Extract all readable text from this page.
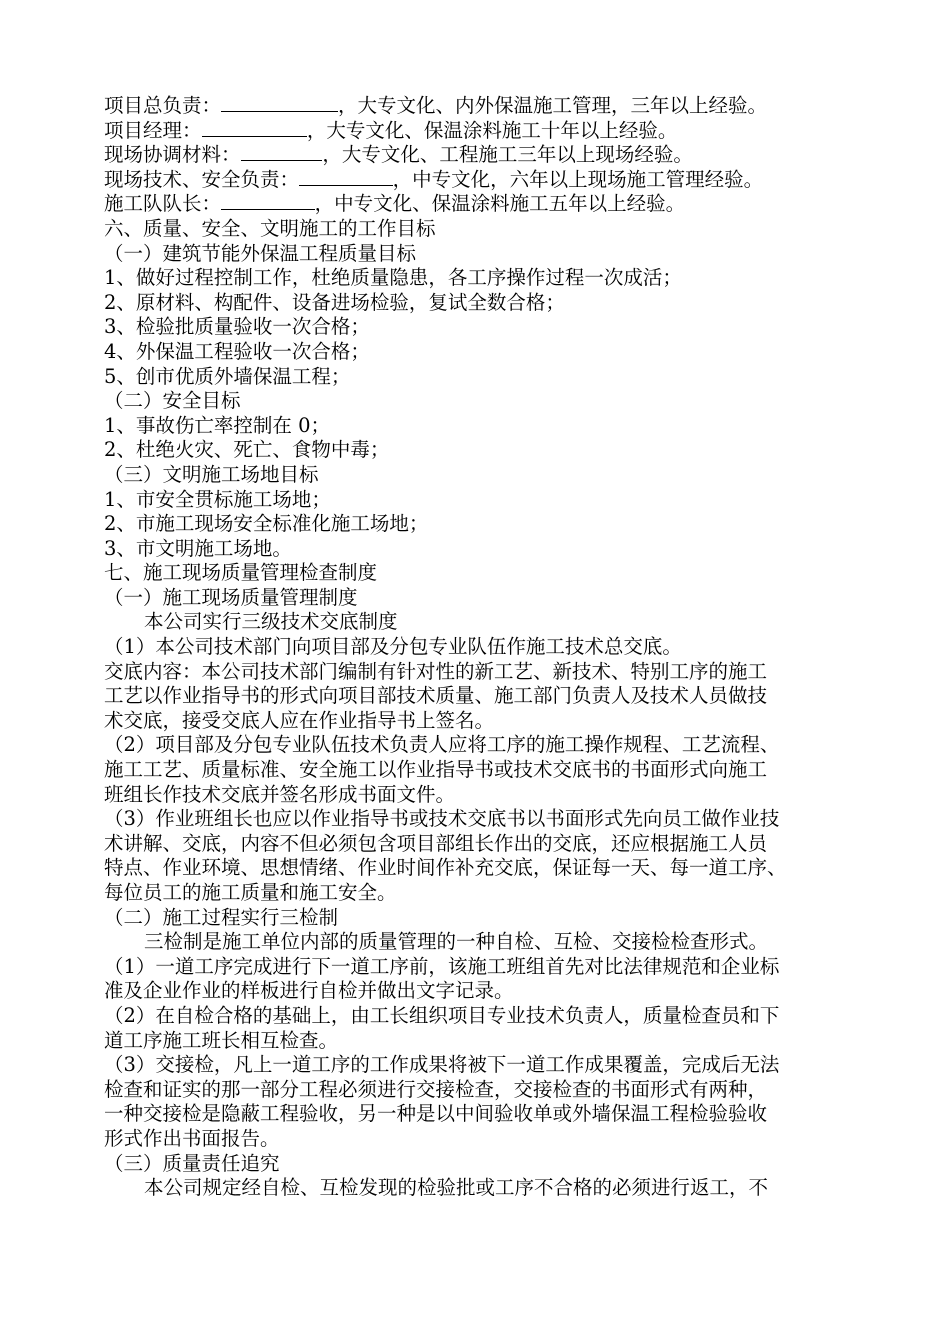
项目总负责：	，大专文化、内外保温施工管理，三年以上经验。
项目经理：	，大专文化、保温涂料施工十年以上经验。
现场协调材料：	，大专文化、工程施工三年以上现场经验。
现场技术、安全负责：	，中专文化，六年以上现场施工管理经验。
施工队队长：	，中专文化、保温涂料施工五年以上经验。
六、质量、安全、文明施工的工作目标
（一）建筑节能外保温工程质量目标
1、做好过程控制工作，杜绝质量隐患，各工序操作过程一次成活；
2、原材料、构配件、设备进场检验，复试全数合格；
3、检验批质量验收一次合格；
4、外保温工程验收一次合格；
5、创市优质外墙保温工程；
（二）安全目标
1、事故伤亡率控制在 0；
2、杜绝火灾、死亡、食物中毒；
（三）文明施工场地目标
1、市安全贯标施工场地；
2、市施工现场安全标准化施工场地；
3、市文明施工场地。
七、施工现场质量管理检查制度
（一）施工现场质量管理制度
本公司实行三级技术交底制度
（1）本公司技术部门向项目部及分包专业队伍作施工技术总交底。
交底内容：本公司技术部门编制有针对性的新工艺、新技术、特别工序的施工
工艺以作业指导书的形式向项目部技术质量、施工部门负责人及技术人员做技
术交底，接受交底人应在作业指导书上签名。
（2）项目部及分包专业队伍技术负责人应将工序的施工操作规程、工艺流程、
施工工艺、质量标准、安全施工以作业指导书或技术交底书的书面形式向施工
班组长作技术交底并签名形成书面文件。
（3）作业班组长也应以作业指导书或技术交底书以书面形式先向员工做作业技
术讲解、交底，内容不但必须包含项目部组长作出的交底，还应根据施工人员
特点、作业环境、思想情绪、作业时间作补充交底，保证每一天、每一道工序、
每位员工的施工质量和施工安全。
（二）施工过程实行三检制
三检制是施工单位内部的质量管理的一种自检、互检、交接检检查形式。
（1）一道工序完成进行下一道工序前，该施工班组首先对比法律规范和企业标
准及企业作业的样板进行自检并做出文字记录。
（2）在自检合格的基础上，由工长组织项目专业技术负责人，质量检查员和下
道工序施工班长相互检查。
（3）交接检，凡上一道工序的工作成果将被下一道工作成果覆盖，完成后无法
检查和证实的那一部分工程必须进行交接检查，交接检查的书面形式有两种，
一种交接检是隐蔽工程验收，另一种是以中间验收单或外墙保温工程检验验收
形式作出书面报告。
（三）质量责任追究
本公司规定经自检、互检发现的检验批或工序不合格的必须进行返工，不
